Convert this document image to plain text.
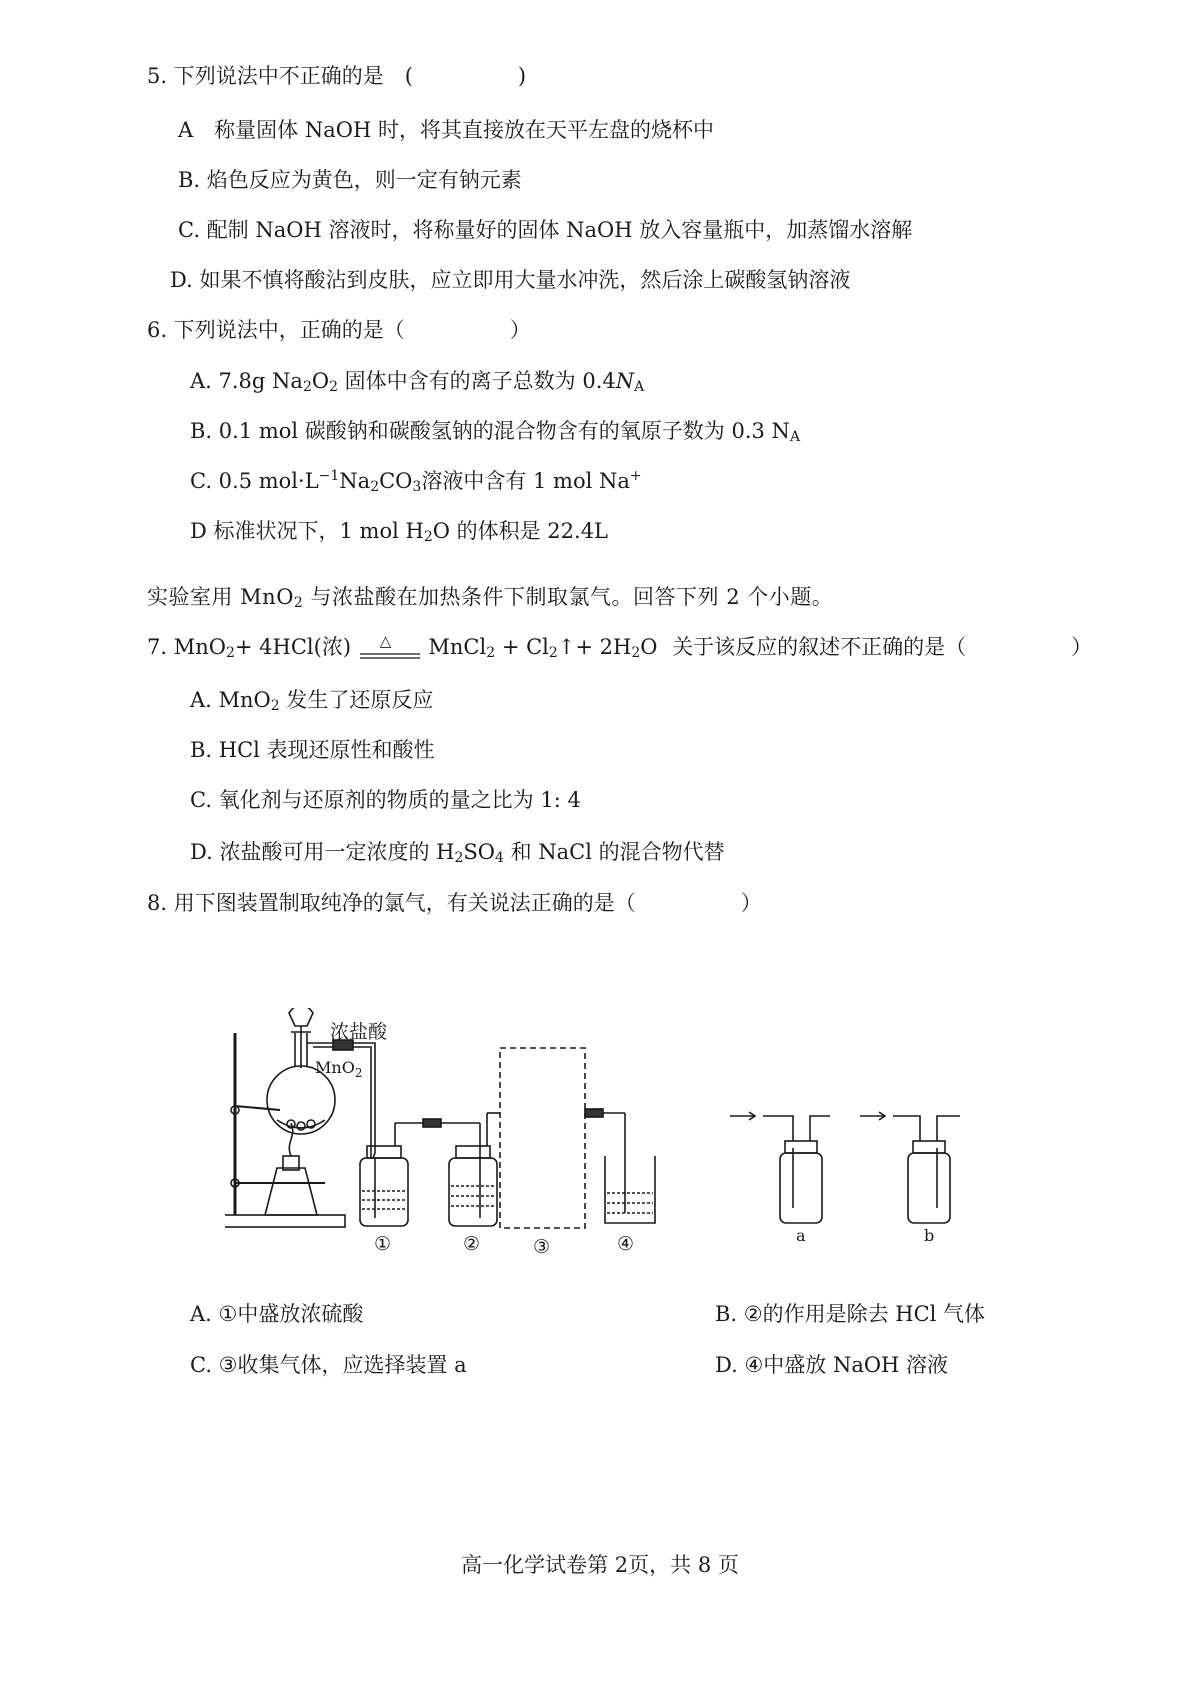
5. 下列说法中不正确的是　(　　　　　)
A　称量固体 NaOH 时，将其直接放在天平左盘的烧杯中
B. 焰色反应为黄色，则一定有钠元素
C. 配制 NaOH 溶液时，将称量好的固体 NaOH 放入容量瓶中，加蒸馏水溶解
D. 如果不慎将酸沾到皮肤，应立即用大量水冲洗，然后涂上碳酸氢钠溶液
6. 下列说法中，正确的是（　　　　　）
A. 7.8g $Na_2O_2$ 固体中含有的离子总数为 $0.4N_A$
B. 0.1 mol 碳酸钠和碳酸氢钠的混合物含有的氧原子数为 0.3 $N_A$
C. 0.5 $mol\cdot L^{-1}Na_2CO_3$溶液中含有 1 mol Na+
D 标准状况下，1 mol $H_2O$ 的体积是 22.4L
实验室用 MnO$_2$ 与浓盐酸在加热条件下制取氯气。回答下列 2 个小题。
7. MnO$_2$+ 4HCl(浓) △ MnCl$_2$ + $Cl_2↑+ 2H_2O$ 关于该反应的叙述不正确的是（　　　　　）
A. MnO$_2$ 发生了还原反应
B. HCl 表现还原性和酸性
C. 氧化剂与还原剂的物质的量之比为 1: 4
D. 浓盐酸可用一定浓度的 $H_2SO_4$ 和 NaCl 的混合物代替
8. 用下图装置制取纯净的氯气，有关说法正确的是（　　　　　）
浓盐酸
MnO$_2$
①	②	③	④	a	b
A. ①中盛放浓硫酸	B. ②的作用是除去 HCl 气体
C. ③收集气体，应选择装置 a	D. ④中盛放 NaOH 溶液
高一化学试卷第 2页，共 8 页
